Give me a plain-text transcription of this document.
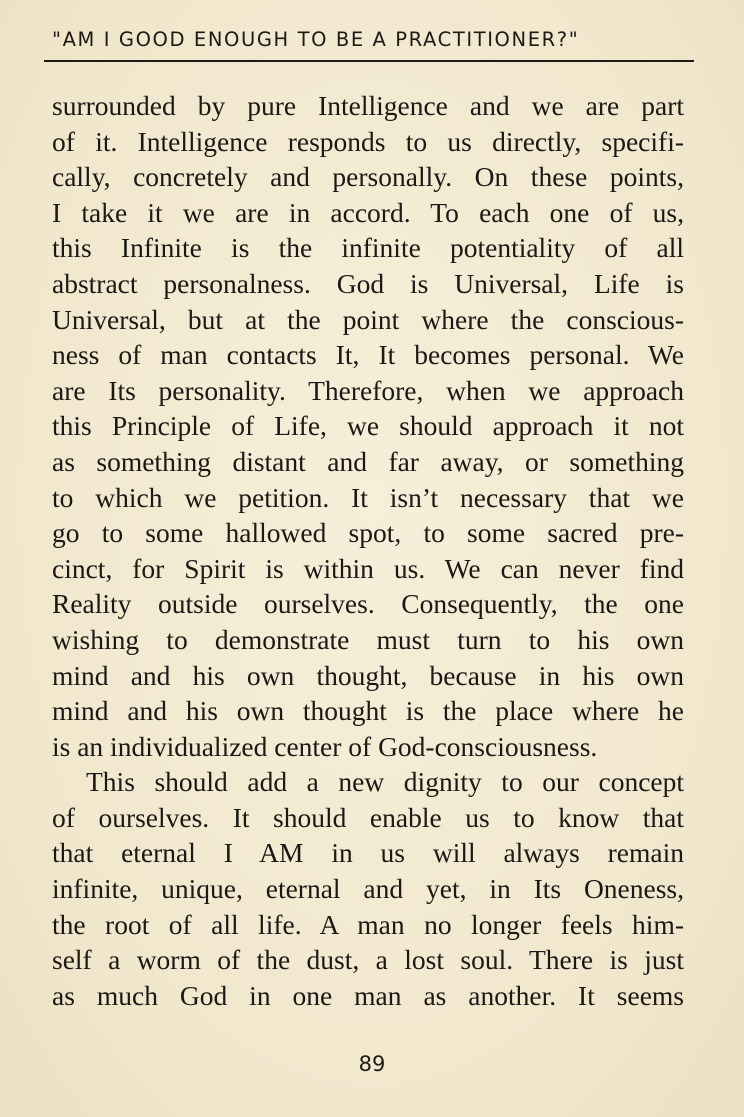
"AM I GOOD ENOUGH TO BE A PRACTITIONER?"
surrounded by pure Intelligence and we are part
of it. Intelligence responds to us directly, specifi-
cally, concretely and personally. On these points,
I take it we are in accord. To each one of us,
this Infinite is the infinite potentiality of all
abstract personalness. God is Universal, Life is
Universal, but at the point where the conscious-
ness of man contacts It, It becomes personal. We
are Its personality. Therefore, when we approach
this Principle of Life, we should approach it not
as something distant and far away, or something
to which we petition. It isn’t necessary that we
go to some hallowed spot, to some sacred pre-
cinct, for Spirit is within us. We can never find
Reality outside ourselves. Consequently, the one
wishing to demonstrate must turn to his own
mind and his own thought, because in his own
mind and his own thought is the place where he
is an individualized center of God-consciousness.
This should add a new dignity to our concept
of ourselves. It should enable us to know that
that eternal I AM in us will always remain
infinite, unique, eternal and yet, in Its Oneness,
the root of all life. A man no longer feels him-
self a worm of the dust, a lost soul. There is just
as much God in one man as another. It seems
89
